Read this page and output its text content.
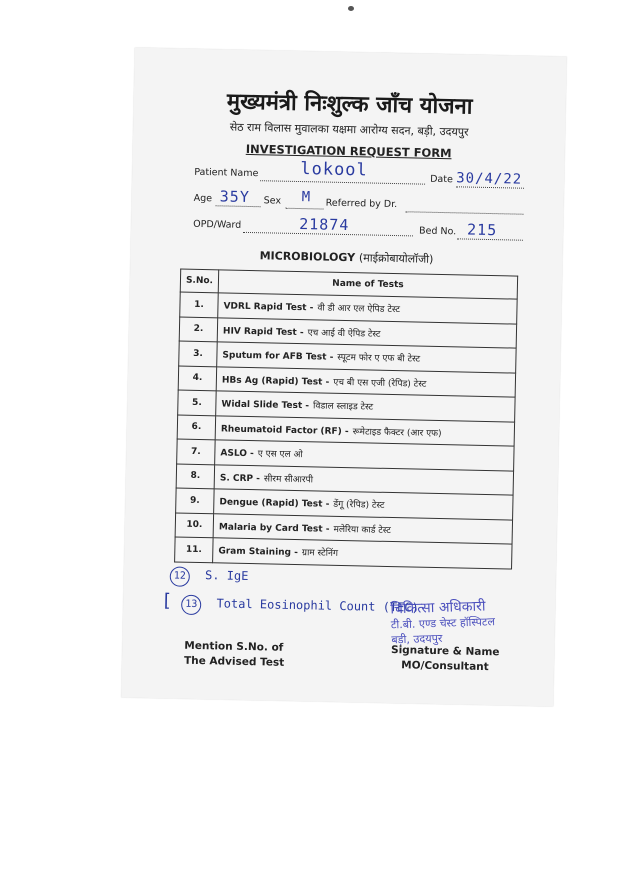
मुख्यमंत्री निःशुल्क जाँच योजना
सेठ राम विलास मुवालका यक्षमा आरोग्य सदन, बड़ी, उदयपुर
INVESTIGATION REQUEST FORM
Patient Name lokool	Date 30/4/22
Age 35Y Sex M Referred by Dr.
OPD/Ward	21874	Bed No. 215
MICROBIOLOGY (माईक्रोबायोलॉजी)
S.No.	Name of Tests
1.	VDRL Rapid Test - वी डी आर एल ऐपिड टेस्ट
2.	HIV Rapid Test - एच आई वी ऐपिड टेस्ट
3.	Sputum for AFB Test - स्पूटम फोर ए एफ बी टेस्ट
4.	HBs Ag (Rapid) Test - एच बी एस एजी (रेपिड) टेस्ट
5.	Widal Slide Test - विडाल स्लाइड टेस्ट
6.	Rheumatoid Factor (RF) - रूमेटाइड फैक्टर (आर एफ)
7.	ASLO - ए एस एल ओ
8.	S. CRP - सीरम सीआरपी
9.	Dengue (Rapid) Test - डेंगू (रेपिड) टेस्ट
10.	Malaria by Card Test - मलेरिया कार्ड टेस्ट
11.	Gram Staining - ग्राम स्टेनिंग
12 S. IgE
[ 13 Total Eosinophil Count (TEC)
चिकित्सा अधिकारी
टी.बी. एण्ड चेस्ट हॉस्पिटल
बड़ी, उदयपुर
Mention S.No. of
The Advised Test
Signature & Name
MO/Consultant
